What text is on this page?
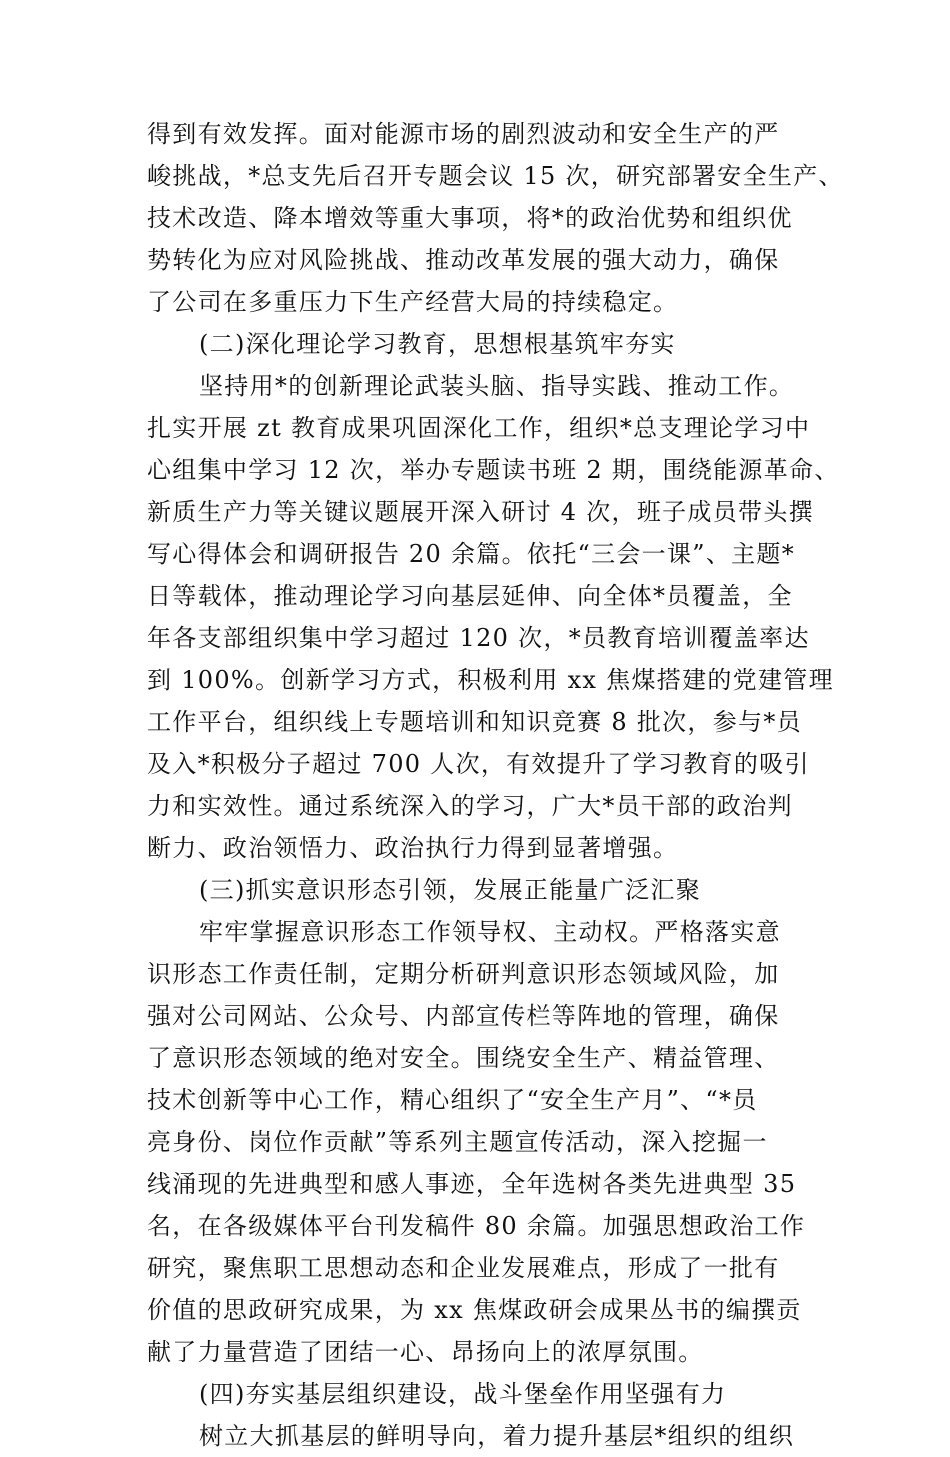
得到有效发挥。面对能源市场的剧烈波动和安全生产的严
峻挑战，*总支先后召开专题会议 15 次，研究部署安全生产、
技术改造、降本增效等重大事项，将*的政治优势和组织优
势转化为应对风险挑战、推动改革发展的强大动力，确保
了公司在多重压力下生产经营大局的持续稳定。
(二)深化理论学习教育，思想根基筑牢夯实
坚持用*的创新理论武装头脑、指导实践、推动工作。
扎实开展 zt 教育成果巩固深化工作，组织*总支理论学习中
心组集中学习 12 次，举办专题读书班 2 期，围绕能源革命、
新质生产力等关键议题展开深入研讨 4 次，班子成员带头撰
写心得体会和调研报告 20 余篇。依托“三会一课”、主题*
日等载体，推动理论学习向基层延伸、向全体*员覆盖，全
年各支部组织集中学习超过 120 次，*员教育培训覆盖率达
到 100%。创新学习方式，积极利用 xx 焦煤搭建的党建管理
工作平台，组织线上专题培训和知识竞赛 8 批次，参与*员
及入*积极分子超过 700 人次，有效提升了学习教育的吸引
力和实效性。通过系统深入的学习，广大*员干部的政治判
断力、政治领悟力、政治执行力得到显著增强。
(三)抓实意识形态引领，发展正能量广泛汇聚
牢牢掌握意识形态工作领导权、主动权。严格落实意
识形态工作责任制，定期分析研判意识形态领域风险，加
强对公司网站、公众号、内部宣传栏等阵地的管理，确保
了意识形态领域的绝对安全。围绕安全生产、精益管理、
技术创新等中心工作，精心组织了“安全生产月”、“*员
亮身份、岗位作贡献”等系列主题宣传活动，深入挖掘一
线涌现的先进典型和感人事迹，全年选树各类先进典型 35
名，在各级媒体平台刊发稿件 80 余篇。加强思想政治工作
研究，聚焦职工思想动态和企业发展难点，形成了一批有
价值的思政研究成果，为 xx 焦煤政研会成果丛书的编撰贡
献了力量营造了团结一心、昂扬向上的浓厚氛围。
(四)夯实基层组织建设，战斗堡垒作用坚强有力
树立大抓基层的鲜明导向，着力提升基层*组织的组织
